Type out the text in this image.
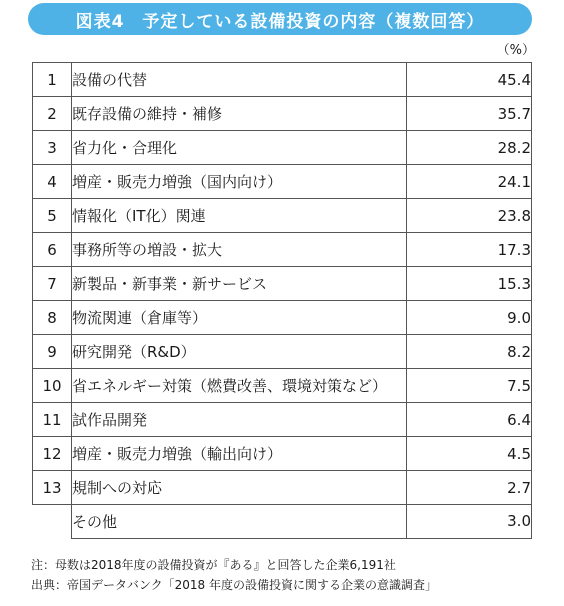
図表4　予定している設備投資の内容（複数回答）
（%）
1	設備の代替	45.4
2	既存設備の維持・補修	35.7
3	省力化・合理化	28.2
4	増産・販売力増強（国内向け）	24.1
5	情報化（IT化）関連	23.8
6	事務所等の増設・拡大	17.3
7	新製品・新事業・新サービス	15.3
8	物流関連（倉庫等）	9.0
9	研究開発（R&D）	8.2
10	省エネルギー対策（燃費改善、環境対策など）	7.5
11	試作品開発	6.4
12	増産・販売力増強（輸出向け）	4.5
13	規制への対応	2.7
	その他	3.0
注：母数は2018年度の設備投資が『ある』と回答した企業6,191社
出典：帝国データバンク「2018 年度の設備投資に関する企業の意識調査」
